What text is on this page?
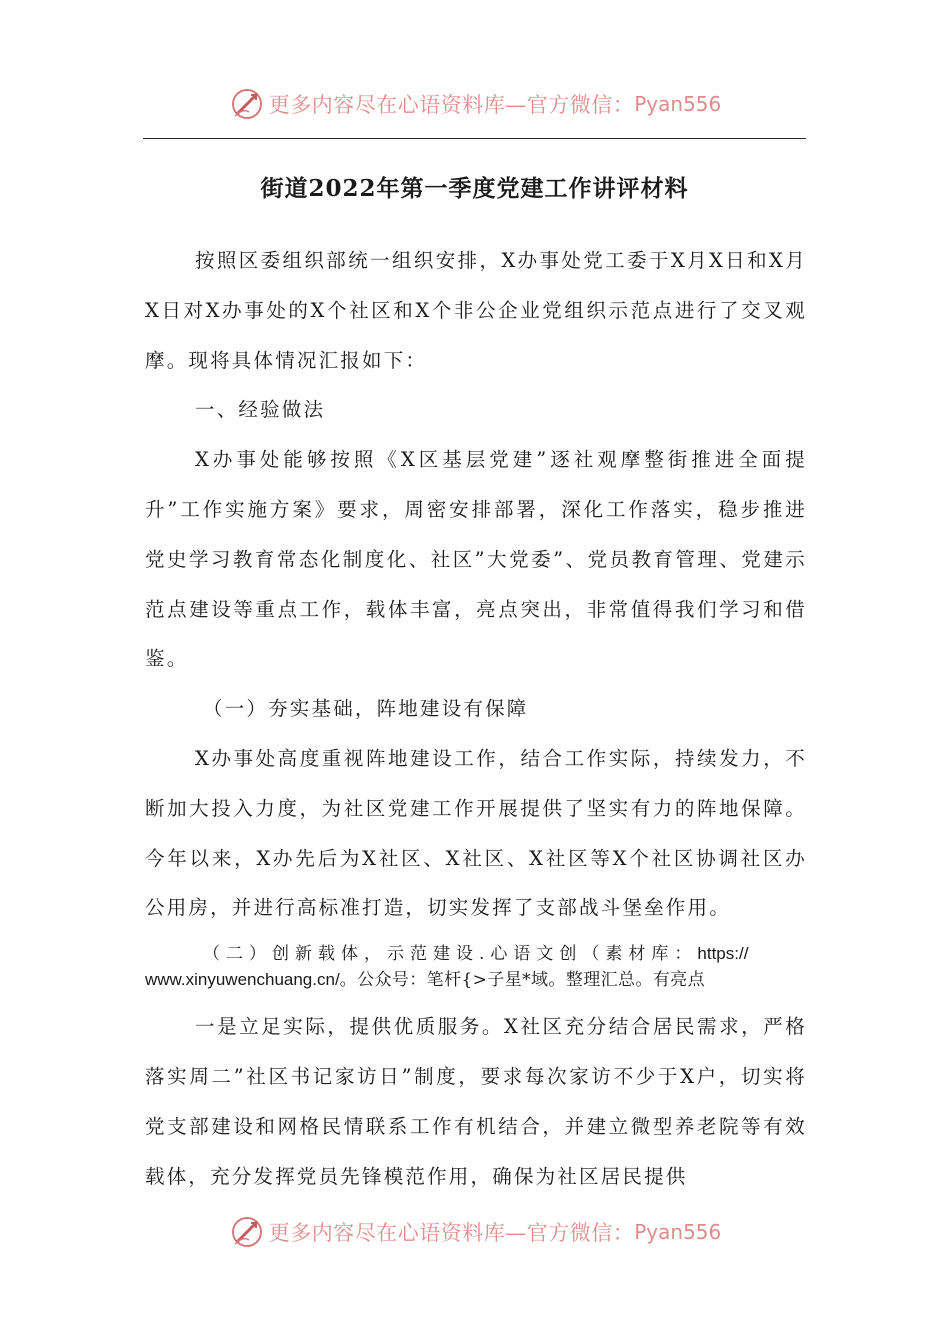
更多内容尽在心语资料库—官方微信： Pyan556
街道2022年第一季度党建工作讲评材料

按照区委组织部统一组织安排，X办事处党工委于X月X日和X月X日对X办事处的X个社区和X个非公企业党组织示范点进行了交叉观摩。现将具体情况汇报如下：

一、经验做法

X办事处能够按照《X区基层党建”逐社观摩整街推进全面提升”工作实施方案》要求，周密安排部署，深化工作落实，稳步推进党史学习教育常态化制度化、社区”大党委”、党员教育管理、党建示范点建设等重点工作，载体丰富，亮点突出，非常值得我们学习和借鉴。

（一）夯实基础，阵地建设有保障

X办事处高度重视阵地建设工作，结合工作实际，持续发力，不断加大投入力度，为社区党建工作开展提供了坚实有力的阵地保障。今年以来，X办先后为X社区、X社区、X社区等X个社区协调社区办公用房，并进行高标准打造，切实发挥了支部战斗堡垒作用。

（二）创新载体，示范建设.心语文创（素材库：https://
www.xinyuwenchuang.cn/。公众号：笔杆{>子星*域。整理汇总。有亮点

一是立足实际，提供优质服务。X社区充分结合居民需求，严格落实周二”社区书记家访日”制度，要求每次家访不少于X户，切实将党支部建设和网格民情联系工作有机结合，并建立微型养老院等有效载体，充分发挥党员先锋模范作用，确保为社区居民提供

更多内容尽在心语资料库—官方微信： Pyan556
